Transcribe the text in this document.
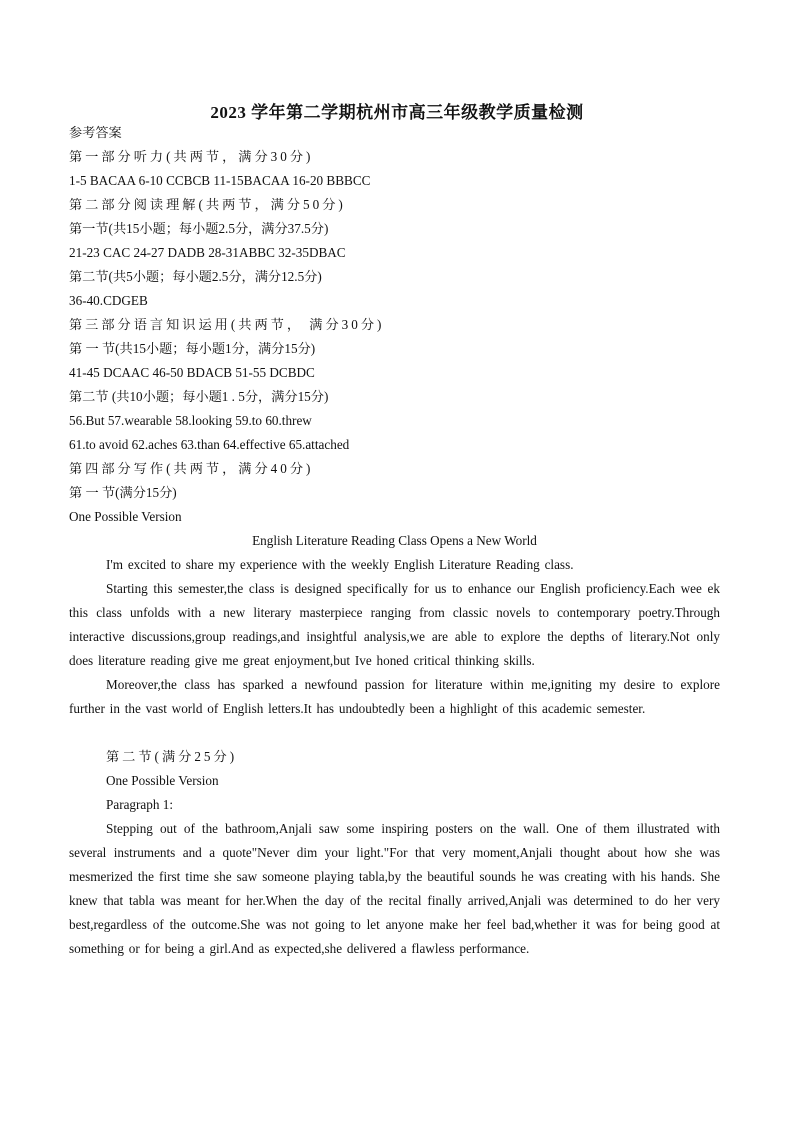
2023 学年第二学期杭州市高三年级教学质量检测
参考答案
第一部分听力(共两节，满分30分)
1-5 BACAA 6-10 CCBCB 11-15BACAA 16-20 BBBCC
第二部分阅读理解(共两节，满分50分)
第一节(共15小题；每小题2.5分，满分37.5分)
21-23 CAC 24-27 DADB 28-31ABBC 32-35DBAC
第二节(共5小题；每小题2.5分，满分12.5分)
36-40.CDGEB
第三部分语言知识运用(共两节， 满分30分)
第 一 节(共15小题；每小题1分，满分15分)
41-45 DCAAC 46-50 BDACB 51-55 DCBDC
第二节 (共10小题；每小题1 . 5分，满分15分)
56.But 57.wearable 58.looking 59.to 60.threw
61.to avoid 62.aches 63.than 64.effective 65.attached
第四部分写作(共两节，满分40分)
第 一 节(满分15分)
One Possible Version
English Literature Reading Class Opens a New World
I'm excited to share my experience with the weekly English Literature Reading class.
Starting this semester,the class is designed specifically for us to enhance our English proficiency.Each wee ek this class unfolds with a new literary masterpiece ranging from classic novels to contemporary poetry.Through interactive discussions,group readings,and insightful analysis,we are able to explore the depths of literary.Not only does literature reading give me great enjoyment,but Ive honed critical thinking skills.
Moreover,the class has sparked a newfound passion for literature within me,igniting my desire to explore further in the vast world of English letters.It has undoubtedly been a highlight of this academic semester.
第二节(满分25分)
One Possible Version
Paragraph 1:
Stepping out of the bathroom,Anjali saw some inspiring posters on the wall. One of them illustrated with several instruments and a quote"Never dim your light."For that very moment,Anjali thought about how she was mesmerized the first time she saw someone playing tabla,by the beautiful sounds he was creating with his hands. She knew that tabla was meant for her.When the day of the recital finally arrived,Anjali was determined to do her very best,regardless of the outcome.She was not going to let anyone make her feel bad,whether it was for being good at something or for being a girl.And as expected,she delivered a flawless performance.
